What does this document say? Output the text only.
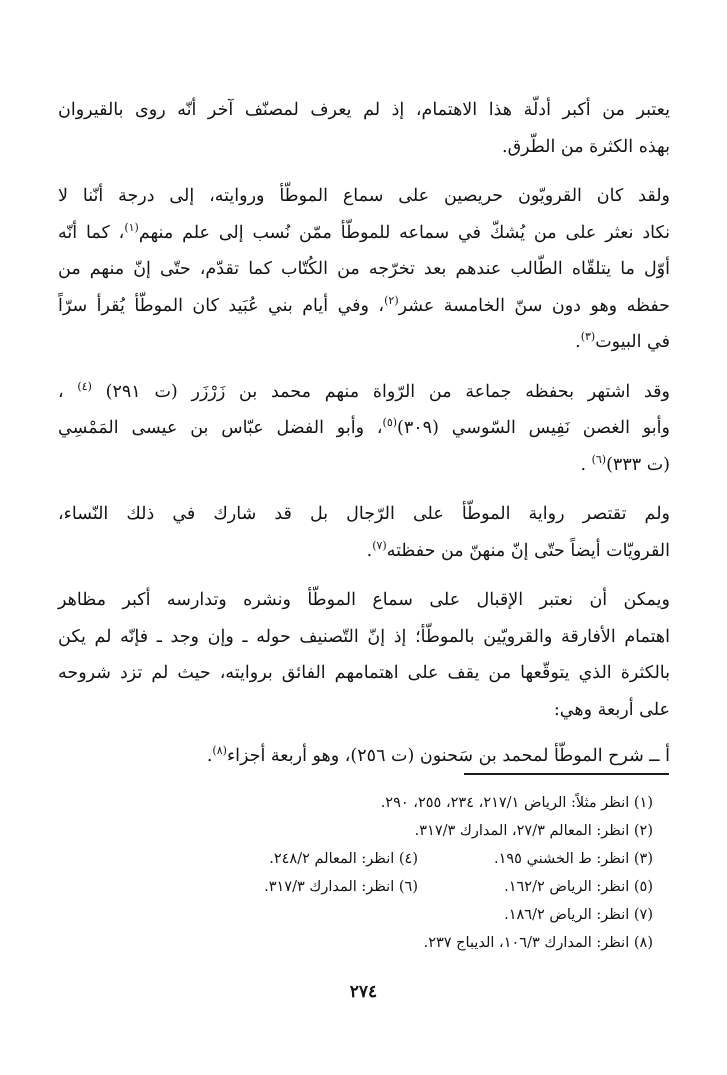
يعتبر من أكبر أدلّة هذا الاهتمام، إذ لم يعرف لمصنّف آخر أنّه روى بالقيروان
بهذه الكثرة من الطّرق.

ولقد كان القرويّون حريصين على سماع الموطّأ وروايته، إلى درجة أنّنا لا
نكاد نعثر على من يُشكّ في سماعه للموطّأ ممّن نُسب إلى علم منهم$^{(١)}$، كما أنّه
أوّل ما يتلقّاه الطّالب عندهم بعد تخرّجه من الكُتّاب كما تقدّم، حتّى إنّ منهم من
حفظه وهو دون سنّ الخامسة عشر$^{(٢)}$، وفي أيام بني عُبَيد كان الموطّأ يُقرأ سرّاً
في البيوت$^{(٣)}$.

وقد اشتهر بحفظه جماعة من الرّواة منهم محمد بن زَرْزَر (ت ٢٩١) $^{(٤)}$ ،
وأبو الغصن نَفِيس السّوسي (٣٠٩)$^{(٥)}$، وأبو الفضل عبّاس بن عيسى المَمْسِي
(ت ٣٣٣)$^{(٦)}$ .

ولم تقتصر رواية الموطّأ على الرّجال بل قد شارك في ذلك النّساء،
القرويّات أيضاً حتّى إنّ منهنّ من حفظته$^{(٧)}$.

ويمكن أن نعتبر الإقبال على سماع الموطّأ ونشره وتدارسه أكبر مظاهر
اهتمام الأفارقة والقرويّين بالموطّأ؛ إذ إنّ التّصنيف حوله ـ وإن وجد ـ فإنّه لم يكن
بالكثرة الذي يتوقّعها من يقف على اهتمامهم الفائق بروايته، حيث لم تزد شروحه
على أربعة وهي:

أ ــ شرح الموطّأ لمحمد بن سَحنون (ت ٢٥٦)، وهو أربعة أجزاء$^{(٨)}$.

(١) انظر مثلاً: الرياض ٢١٧/١، ٢٣٤، ٢٥٥، ٢٩٠.
(٢) انظر: المعالم ٢٧/٣، المدارك ٣١٧/٣.
(٣) انظر: ط الخشني ١٩٥.
(٤) انظر: المعالم ٢٤٨/٢.
(٥) انظر: الرياض ١٦٢/٢.
(٦) انظر: المدارك ٣١٧/٣.
(٧) انظر: الرياض ١٨٦/٢.
(٨) انظر: المدارك ١٠٦/٣، الديباج ٢٣٧.
٢٧٤
